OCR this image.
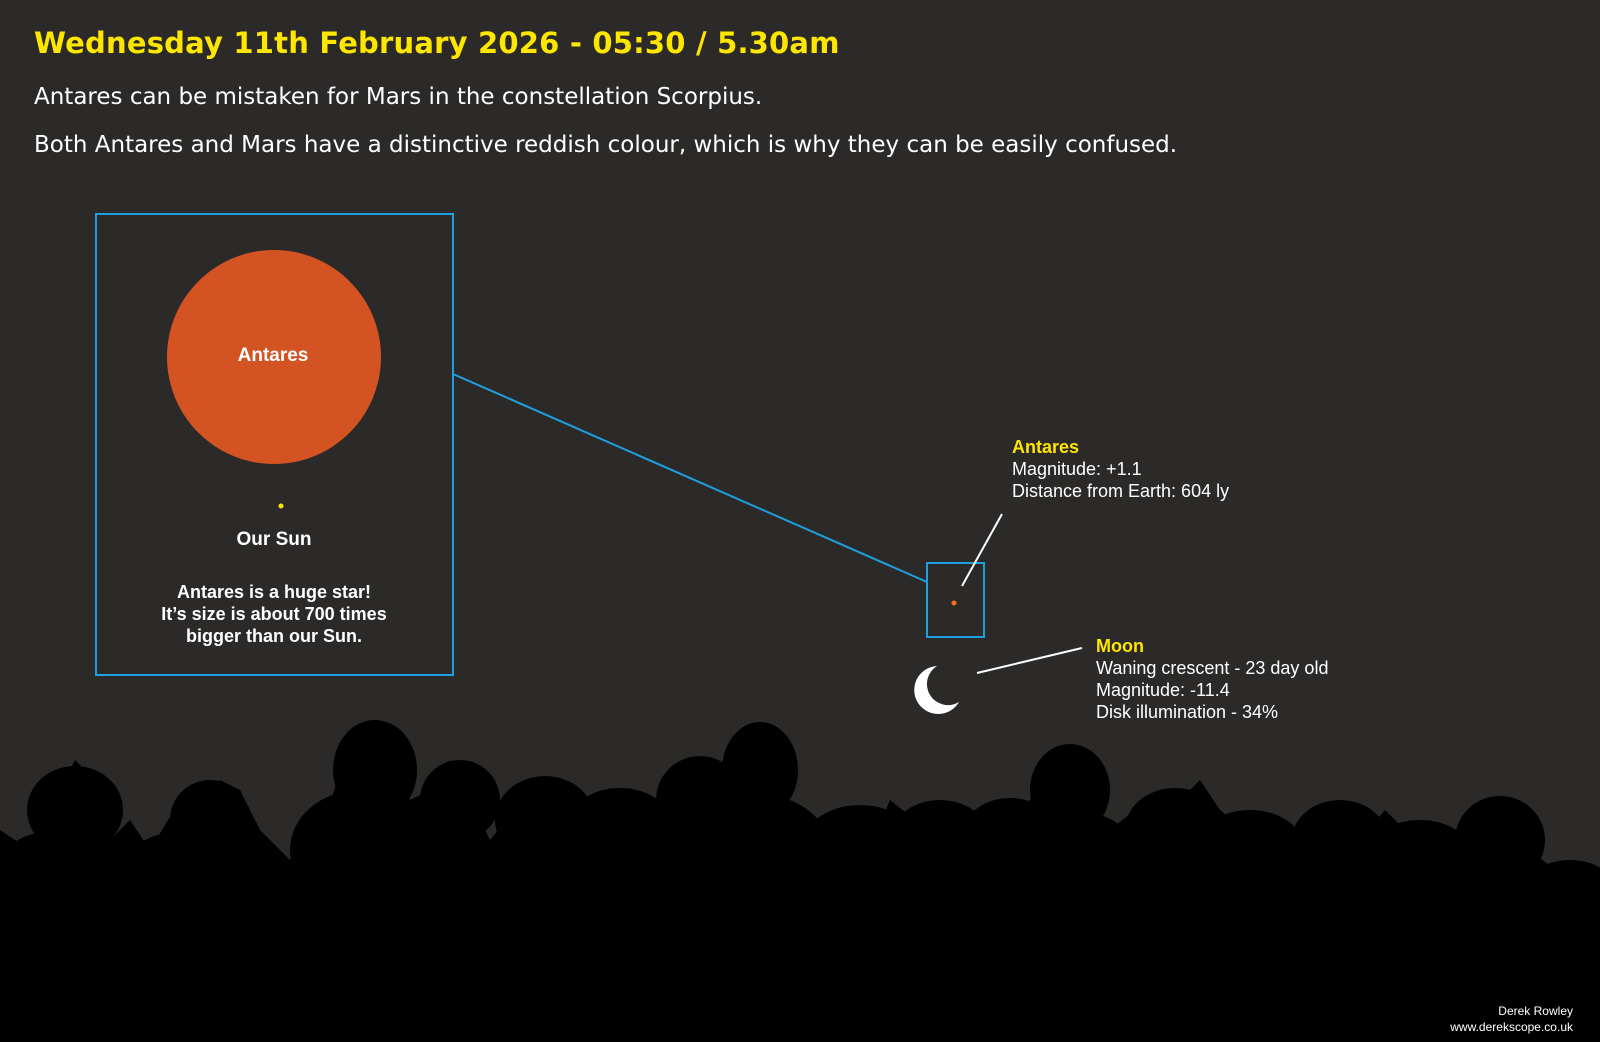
Wednesday 11th February 2026 - 05:30 / 5.30am
Antares can be mistaken for Mars in the constellation Scorpius.
Both Antares and Mars have a distinctive reddish colour, which is why they can be easily confused.
Antares
Our Sun
Antares is a huge star!
It’s size is about 700 times
bigger than our Sun.
Antares
Magnitude: +1.1
Distance from Earth: 604 ly
Moon
Waning crescent - 23 day old
Magnitude: -11.4
Disk illumination - 34%
Derek Rowley
www.derekscope.co.uk
